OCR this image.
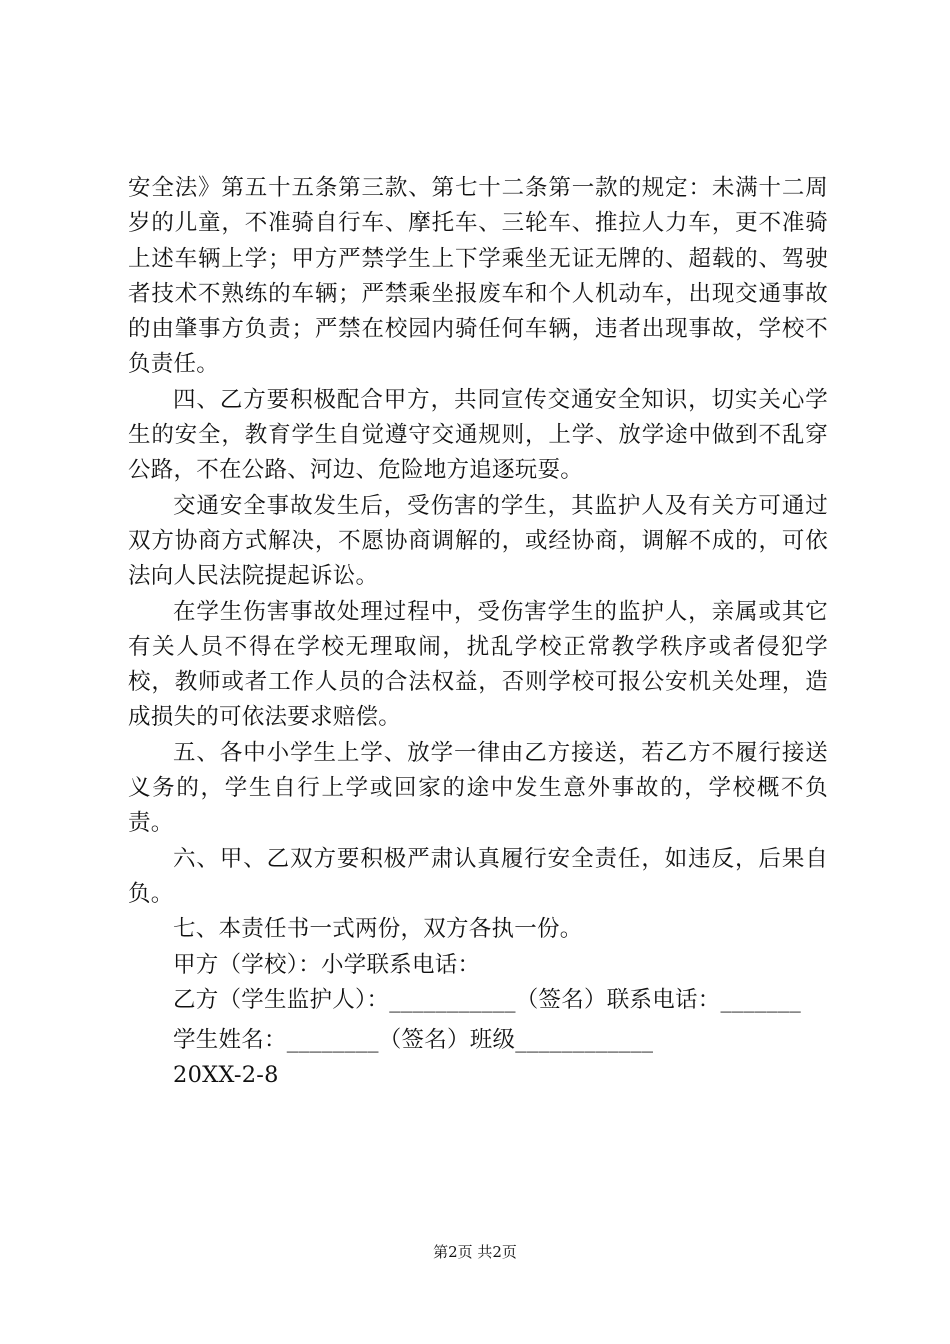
安全法》第五十五条第三款、第七十二条第一款的规定：未满十二周岁的儿童，不准骑自行车、摩托车、三轮车、推拉人力车，更不准骑上述车辆上学；甲方严禁学生上下学乘坐无证无牌的、超载的、驾驶者技术不熟练的车辆；严禁乘坐报废车和个人机动车，出现交通事故的由肇事方负责；严禁在校园内骑任何车辆，违者出现事故，学校不负责任。

四、乙方要积极配合甲方，共同宣传交通安全知识，切实关心学生的安全，教育学生自觉遵守交通规则，上学、放学途中做到不乱穿公路，不在公路、河边、危险地方追逐玩耍。

交通安全事故发生后，受伤害的学生，其监护人及有关方可通过双方协商方式解决，不愿协商调解的，或经协商，调解不成的，可依法向人民法院提起诉讼。

在学生伤害事故处理过程中，受伤害学生的监护人，亲属或其它有关人员不得在学校无理取闹，扰乱学校正常教学秩序或者侵犯学校，教师或者工作人员的合法权益，否则学校可报公安机关处理，造成损失的可依法要求赔偿。

五、各中小学生上学、放学一律由乙方接送，若乙方不履行接送义务的，学生自行上学或回家的途中发生意外事故的，学校概不负责。

六、甲、乙双方要积极严肃认真履行安全责任，如违反，后果自负。

七、本责任书一式两份，双方各执一份。

甲方（学校）：小学联系电话：

乙方（学生监护人）：___________（签名）联系电话：_______

学生姓名：________（签名）班级____________

20XX-2-8

第2页 共2页
